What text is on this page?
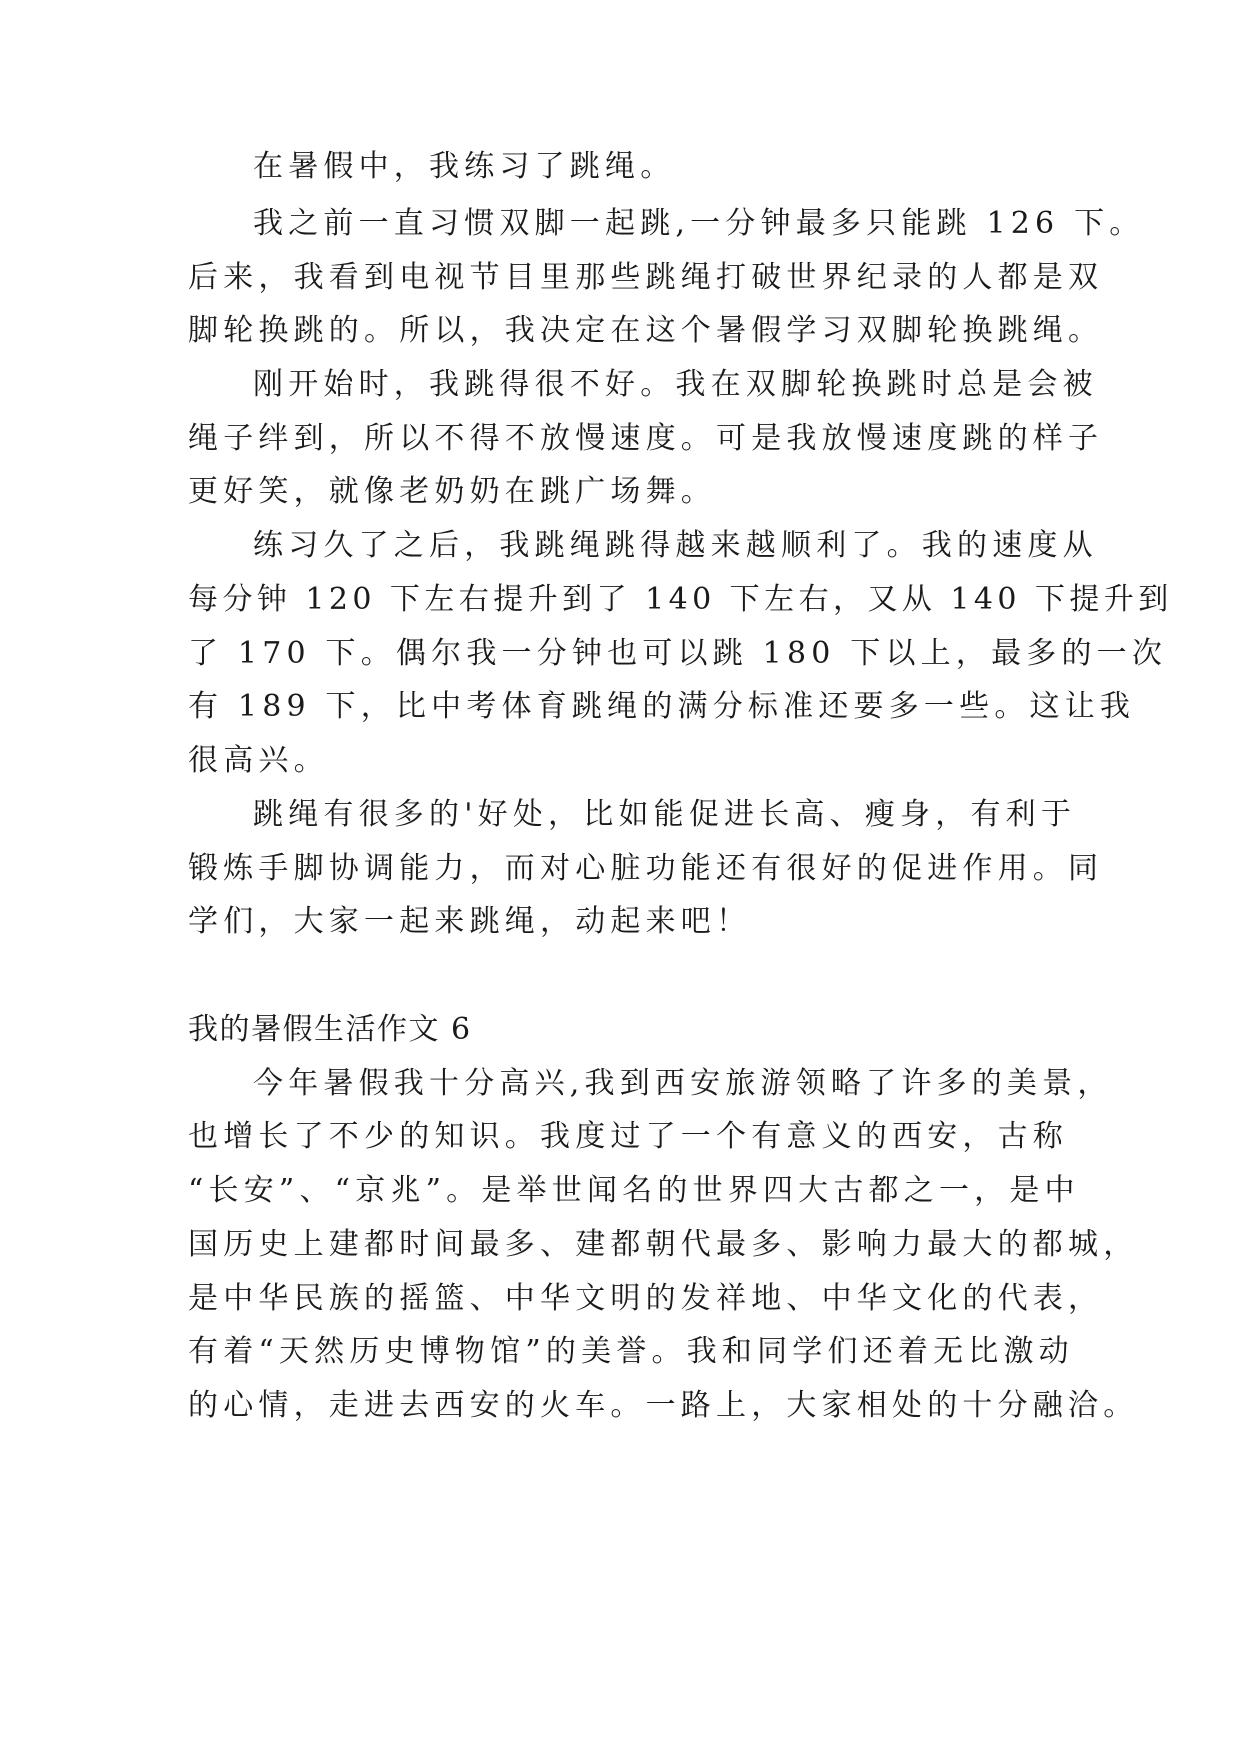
在暑假中，我练习了跳绳。
我之前一直习惯双脚一起跳,一分钟最多只能跳 126 下。
后来，我看到电视节目里那些跳绳打破世界纪录的人都是双
脚轮换跳的。所以，我决定在这个暑假学习双脚轮换跳绳。
刚开始时，我跳得很不好。我在双脚轮换跳时总是会被
绳子绊到，所以不得不放慢速度。可是我放慢速度跳的样子
更好笑，就像老奶奶在跳广场舞。
练习久了之后，我跳绳跳得越来越顺利了。我的速度从
每分钟 120 下左右提升到了 140 下左右，又从 140 下提升到
了 170 下。偶尔我一分钟也可以跳 180 下以上，最多的一次
有 189 下，比中考体育跳绳的满分标准还要多一些。这让我
很高兴。
跳绳有很多的'好处，比如能促进长高、瘦身，有利于
锻炼手脚协调能力，而对心脏功能还有很好的促进作用。同
学们，大家一起来跳绳，动起来吧！
我的暑假生活作文 6
今年暑假我十分高兴,我到西安旅游领略了许多的美景，
也增长了不少的知识。我度过了一个有意义的西安，古称
“长安”、“京兆”。是举世闻名的世界四大古都之一，是中
国历史上建都时间最多、建都朝代最多、影响力最大的都城，
是中华民族的摇篮、中华文明的发祥地、中华文化的代表，
有着“天然历史博物馆”的美誉。我和同学们还着无比激动
的心情，走进去西安的火车。一路上，大家相处的十分融洽。
